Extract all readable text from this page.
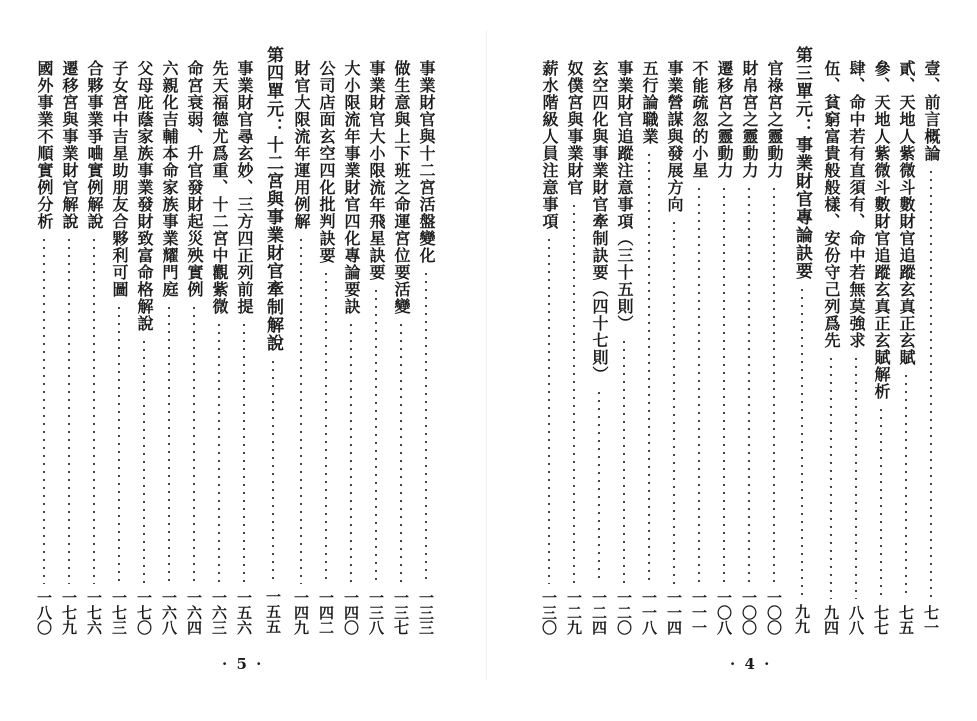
事業財官與十二宮活盤變化
一三三
做生意與上下班之命運宮位要活變
一三七
事業財官大小限流年飛星訣要
一三八
大小限流年事業財官四化專論要訣
一四〇
公司店面玄空四化批判訣要
一四二
財官大限流年運用例解
一四九
第四單元：十二宮與事業財官牽制解說
一五五
事業財官尋玄妙、三方四正列前提
一五六
先天福德尤爲重、十二宮中觀紫微
一六三
命宮衰弱、升官發財起災殃實例
一六四
六親化吉輔本命家族事業耀門庭
一六八
父母庇蔭家族事業發財致富命格解說
一七〇
子女宮中吉星助朋友合夥利可圖
一七三
合夥事業爭㖆實例解說
一七六
遷移宮與事業財官解說
一七九
國外事業不順實例分析
一八〇
· 5 ·
壹、前言概論
七一
貳、天地人紫微斗數財官追蹤玄真正玄賦
七五
參、天地人紫微斗數財官追蹤玄真正玄賦解析
七七
肆、命中若有直須有、命中若無莫強求
八八
伍、貧窮富貴般般樣、安份守己列爲先
九四
第三單元：事業財官專論訣要
九九
官祿宮之靈動力
一〇〇
財帛宮之靈動力
一〇〇
遷移宮之靈動力
一〇八
不能疏忽的小星
一一一
事業營謀與發展方向
一一四
五行論職業
一一八
事業財官追蹤注意事項（三十五則）
一二〇
玄空四化與事業財官牽制訣要（四十七則）
一二四
奴僕宮與事業財官
一二九
薪水階級人員注意事項
一三〇
· 4 ·
